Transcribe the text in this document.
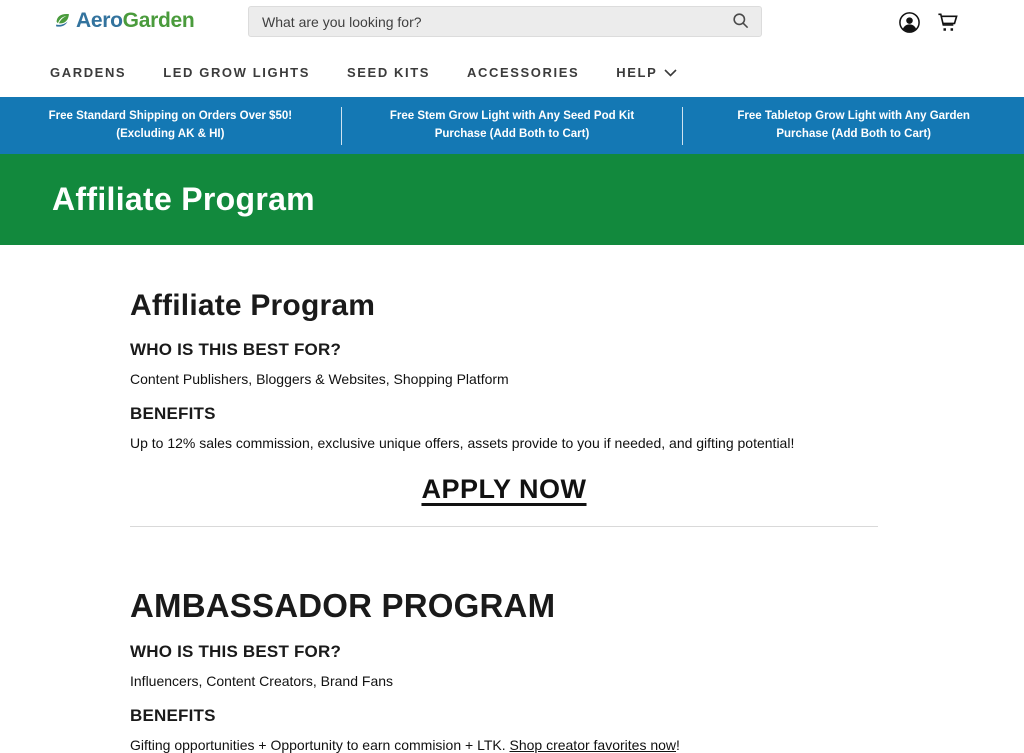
AeroGarden
What are you looking for?
GARDENS	LED GROW LIGHTS	SEED KITS	ACCESSORIES	HELP
Free Standard Shipping on Orders Over $50! (Excluding AK & HI)
Free Stem Grow Light with Any Seed Pod Kit Purchase (Add Both to Cart)
Free Tabletop Grow Light with Any Garden Purchase (Add Both to Cart)
Affiliate Program
Affiliate Program
WHO IS THIS BEST FOR?

Content Publishers, Bloggers & Websites, Shopping Platform

BENEFITS

Up to 12% sales commission, exclusive unique offers, assets provide to you if needed, and gifting potential!

APPLY NOW
AMBASSADOR PROGRAM
WHO IS THIS BEST FOR?

Influencers, Content Creators, Brand Fans

BENEFITS

Gifting opportunities + Opportunity to earn commision + LTK. Shop creator favorites now!
